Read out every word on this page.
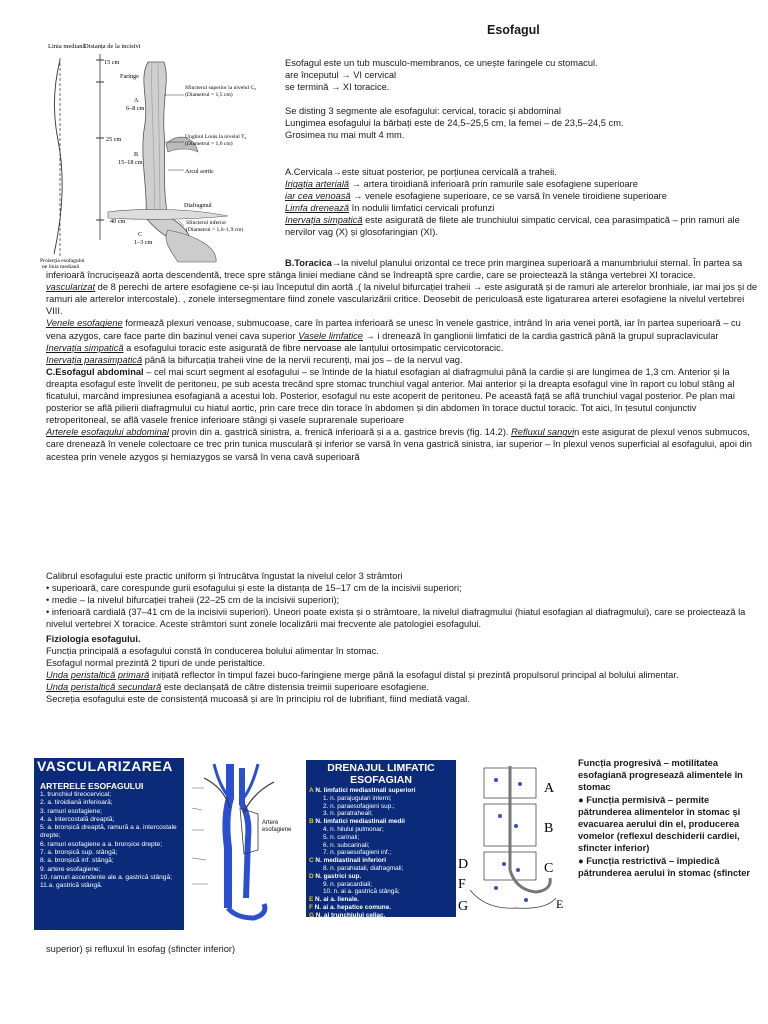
Esofagul
Linia mediană
Distanța de la incisivi
Faringe
15 cm
A
6–8 cm
Sfincterul superior la nivelul C₆ (Diametrul = 1,5 cm)
25 cm	Unghiul Louis la nivelul T₄ (Diametrul = 1,6 cm)
Arcul aortic
B
15–18 cm
Diafragmul
40 cm
C
1–3 cm
Sfincterul inferior (Diametrul = 1,6–1,9 cm)
Proiecția esofagului pe linia mediană

Esofagul este un tub musculo-membranos, ce unește faringele cu stomacul.

are începutul → VI cervical

se termină → XI toracice.

Se disting 3 segmente ale esofagului: cervical, toracic și abdominal

Lungimea esofagului la bărbați este de 24,5–25,5 cm, la femei – de 23,5–24,5 cm.

Grosimea nu mai mult 4 mm.

A.Cervicala→este situat posterior, pe porțiunea cervicală a traheii.

Irigația arterială → artera tiroidiană inferioară prin ramurile sale esofagiene superioare

iar cea venoasă → venele esofagiene superioare, ce se varsă în venele tiroidiene superioare

Limfa drenează în nodulii limfatici cervicali profunzi

Inervația simpatică este asigurată de filete ale trunchiului simpatic cervical, cea parasimpatică – prin ramuri ale nervilor vag (X) și glosofaringian (XI).

B.Toracica→la nivelul planului orizontal ce trece prin marginea superioară a manumbriului sternal. În partea sa inferioară încrucișează aorta descendentă, trece spre stânga liniei mediane când se îndreaptă spre cardie, care se proiectează la stânga vertebrei XI toracice.

vascularizat de 8 perechi de artere esofagiene ce-și iau începutul din aortă .( la nivelul bifurcației traheii → este asigurată și de ramuri ale arterelor bronhiale, iar mai jos și de ramuri ale arterelor intercostale). , zonele intersegmentare fiind zonele vascularizării critice. Deosebit de periculoasă este ligaturarea arterei esofagiene la nivelul vertebrei VIII.

Venele esofagiene formează plexuri venoase, submucoase, care în partea inferioară se unesc în venele gastrice, intrând în aria venei portă, iar în partea superioară – cu vena azygos, care face parte din bazinul venei cava superior Vasele limfatice → i drenează în ganglionii limfatici de la cardia gastrică până la grupul supraclavicular

Inervația simpatică a esofagului toracic este asigurată de fibre nervoase ale lanțului ortosimpatic cervicotoracic.

Inervația parasimpatică până la bifurcația traheii vine de la nervii recurenți, mai jos – de la nervul vag.

C.Esofagul abdominal – cel mai scurt segment al esofagului – se întinde de la hiatul esofagian al diafragmului până la cardie și are lungimea de 1,3 cm. Anterior și la dreapta esofagul este învelit de peritoneu, pe sub acesta trecând spre stomac trunchiul vagal anterior. Mai anterior și la dreapta esofagul vine în raport cu lobul stâng al ficatului, marcând impresiunea esofagiană a acestui lob. Posterior, esofagul nu este acoperit de peritoneu. Pe această față se află trunchiul vagal posterior. Pe plan mai posterior se află pilierii diafragmului cu hiatul aortic, prin care trece din torace în abdomen și din abdomen în torace ductul toracic. Tot aici, în țesutul conjunctiv retroperitoneal, se află vasele frenice inferioare stângi și vasele suprarenale superioare

Arterele esofagului abdominal provin din a. gastrică sinistra, a. frenică inferioară și a a. gastrice brevis (fig. 14.2). Refluxul sangvin este asigurat de plexul venos submucos, care drenează în venele colectoare ce trec prin tunica musculară și inferior se varsă în vena gastrică sinistra, iar superior – în plexul venos superficial al esofagului, apoi din acestea prin venele azygos și hemiazygos se varsă în vena cavă superioară

Calibrul esofagului este practic uniform și întrucâtva îngustat la nivelul celor 3 strâmtori

• superioară, care corespunde gurii esofagului și este la distanța de 15–17 cm de la incisivii superiori;

• medie – la nivelul bifurcației traheii (22–25 cm de la incisivii superiori);

• inferioară cardială (37–41 cm de la incisivii superiori). Uneori poate exista și o strâmtoare, la nivelul diafragmului (hiatul esofagian al diafragmului), care se proiectează la nivelul vertebrei X toracice. Aceste strâmtori sunt zonele localizării mai frecvente ale patologiei esofagului.

Fiziologia esofagului.

Funcția principală a esofagului constă în conducerea bolului alimentar în stomac.

Esofagul normal prezintă 2 tipuri de unde peristaltice.

Unda peristaltică primară inițiată reflector în timpul fazei buco-faringiene merge până la esofagul distal și prezintă propulsorul principal al bolului alimentar.

Unda peristaltică secundară este declanșată de către distensia treimii superioare esofagiene.

Secreția esofagului este de consistență mucoasă și are în principiu rol de lubrifiant, fiind mediată vagal.

VASCULARIZAREA
ARTERELE ESOFAGULUI
1. trunchiul tireocervical;
2. a. tiroidiană inferioară;
3. ramuri esofagiene;
4. a. intercostală dreaptă;
5. a. bronșică dreaptă, ramură a a. intercostale drepte;
6. ramuri esofagiene a a. bronșice drepte;
7. a. bronșică sup. stângă;
8. a. bronșică inf. stângă;
9. artere esofagiene;
10. ramuri ascendente ale a. gastrică stângă;
11.a. gastrică stângă.
Artere
esofagiene
DRENAJUL LIMFATIC ESOFAGIAN
A N. limfatici mediastinali superiori
1. n. parajugulari interni;
2. n. paraesofagieni sup.;
3. n. paratraheali;
B N. limfatici mediastinali medii
4. n. hilului pulmonar;
5. n. carinali;
6. n. subcarinali;
7. n. paraesofagieni inf.;
C N. mediastinali inferiori
8. n. parahiatali, diafragmali;
D N. gastrici sup.
9. n. paracardiali;
10. n. ai a. gastrică stângă;
E N. ai a. lienale.
F N. ai a. hepatice comune.
G N. ai trunchiului celiac.
A
B
C
D
E
F
G

Funcția progresivă – motilitatea esofagiană progresează alimentele în stomac

● Funcția permisivă – permite pătrunderea alimentelor în stomac și evacuarea aerului din el, producerea vomelor (reflexul deschiderii cardiei, sfincter inferior)

● Funcția restrictivă – împiedică pătrunderea aerului în stomac (sfincter

superior) și refluxul în esofag (sfincter inferior)
